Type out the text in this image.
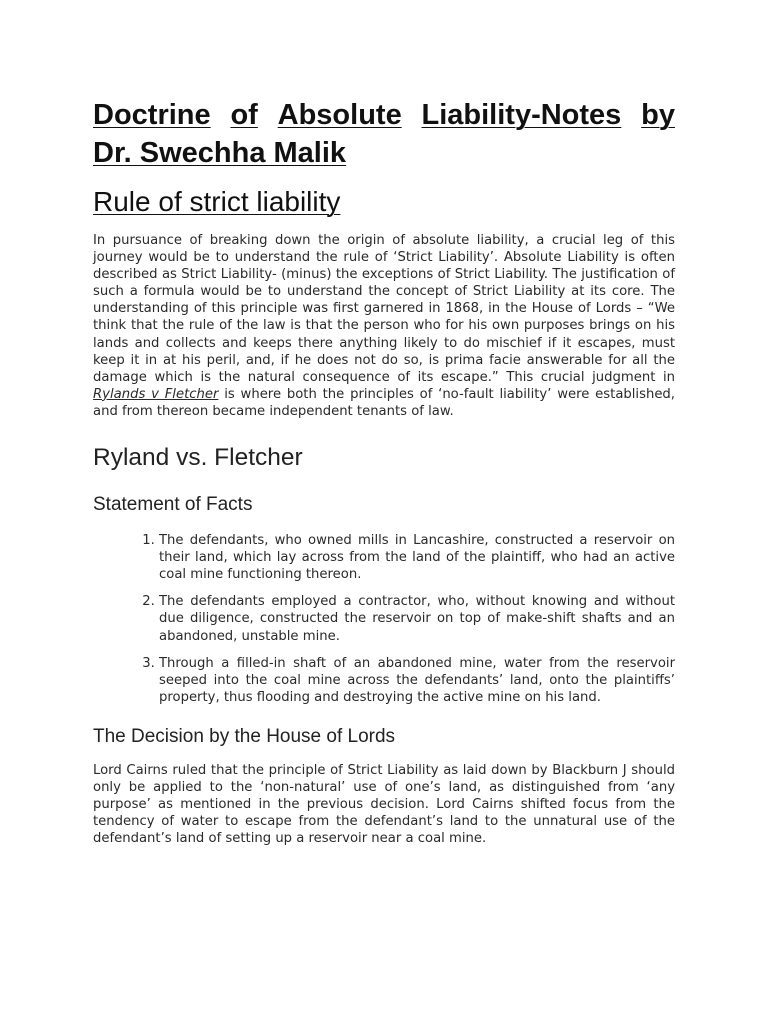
Doctrine of Absolute Liability-Notes by
Dr. Swechha Malik
Rule of strict liability

In pursuance of breaking down the origin of absolute liability, a crucial leg of this journey would be to understand the rule of ‘Strict Liability’. Absolute Liability is often described as Strict Liability- (minus) the exceptions of Strict Liability. The justification of such a formula would be to understand the concept of Strict Liability at its core. The understanding of this principle was first garnered in 1868, in the House of Lords – “We think that the rule of the law is that the person who for his own purposes brings on his lands and collects and keeps there anything likely to do mischief if it escapes, must keep it in at his peril, and, if he does not do so, is prima facie answerable for all the damage which is the natural consequence of its escape.” This crucial judgment in Rylands v Fletcher is where both the principles of ‘no-fault liability’ were established, and from thereon became independent tenants of law.

Ryland vs. Fletcher
Statement of Facts
1. The defendants, who owned mills in Lancashire, constructed a reservoir on their land, which lay across from the land of the plaintiff, who had an active coal mine functioning thereon.
2. The defendants employed a contractor, who, without knowing and without due diligence, constructed the reservoir on top of make-shift shafts and an abandoned, unstable mine.
3. Through a filled-in shaft of an abandoned mine, water from the reservoir seeped into the coal mine across the defendants’ land, onto the plaintiffs’ property, thus flooding and destroying the active mine on his land.
The Decision by the House of Lords

Lord Cairns ruled that the principle of Strict Liability as laid down by Blackburn J should only be applied to the ‘non-natural’ use of one’s land, as distinguished from ‘any purpose’ as mentioned in the previous decision. Lord Cairns shifted focus from the tendency of water to escape from the defendant’s land to the unnatural use of the defendant’s land of setting up a reservoir near a coal mine.
